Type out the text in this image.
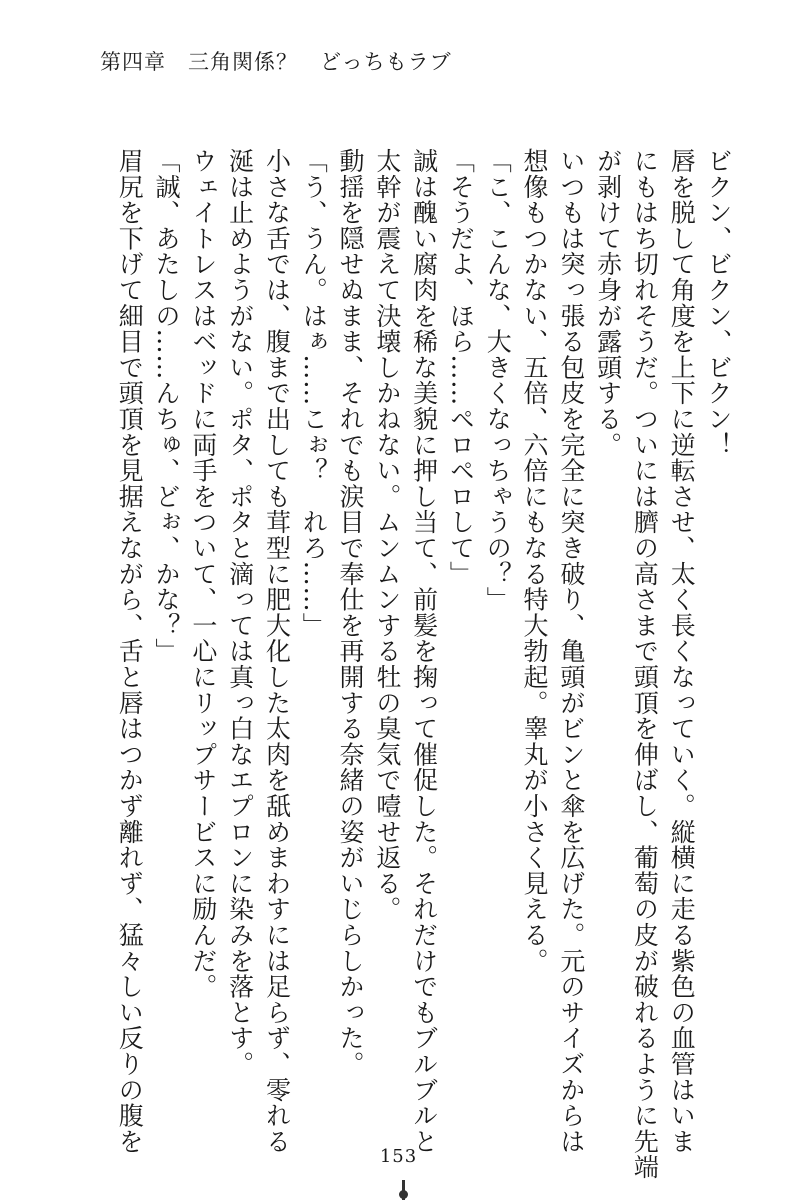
第四章　三角関係？　どっちもラブ
ビクン、ビクン、ビクン！
唇を脱して角度を上下に逆転させ、太く長くなっていく。縦横に走る紫色の血管はいま
にもはち切れそうだ。ついには臍の高さまで頭頂を伸ばし、葡萄の皮が破れるように先端
が剥けて赤身が露頭する。
いつもは突っ張る包皮を完全に突き破り、亀頭がビンと傘を広げた。元のサイズからは
想像もつかない、五倍、六倍にもなる特大勃起。睾丸が小さく見える。
「こ、こんな、大きくなっちゃうの？」
「そうだよ、ほら……ペロペロして」
誠は醜い腐肉を稀な美貌に押し当て、前髪を掬って催促した。それだけでもブルブルと
太幹が震えて決壊しかねない。ムンムンする牡の臭気で噎せ返る。
動揺を隠せぬまま、それでも涙目で奉仕を再開する奈緒の姿がいじらしかった。
「う、うん。はぁ……こぉ？　れろ……」
小さな舌では、腹まで出しても茸型に肥大化した太肉を舐めまわすには足らず、零れる
涎は止めようがない。ポタ、ポタと滴っては真っ白なエプロンに染みを落とす。
ウェイトレスはベッドに両手をついて、一心にリップサービスに励んだ。
「誠、あたしの……んちゅ、どぉ、かな？」
眉尻を下げて細目で頭頂を見据えながら、舌と唇はつかず離れず、猛々しい反りの腹を
153
